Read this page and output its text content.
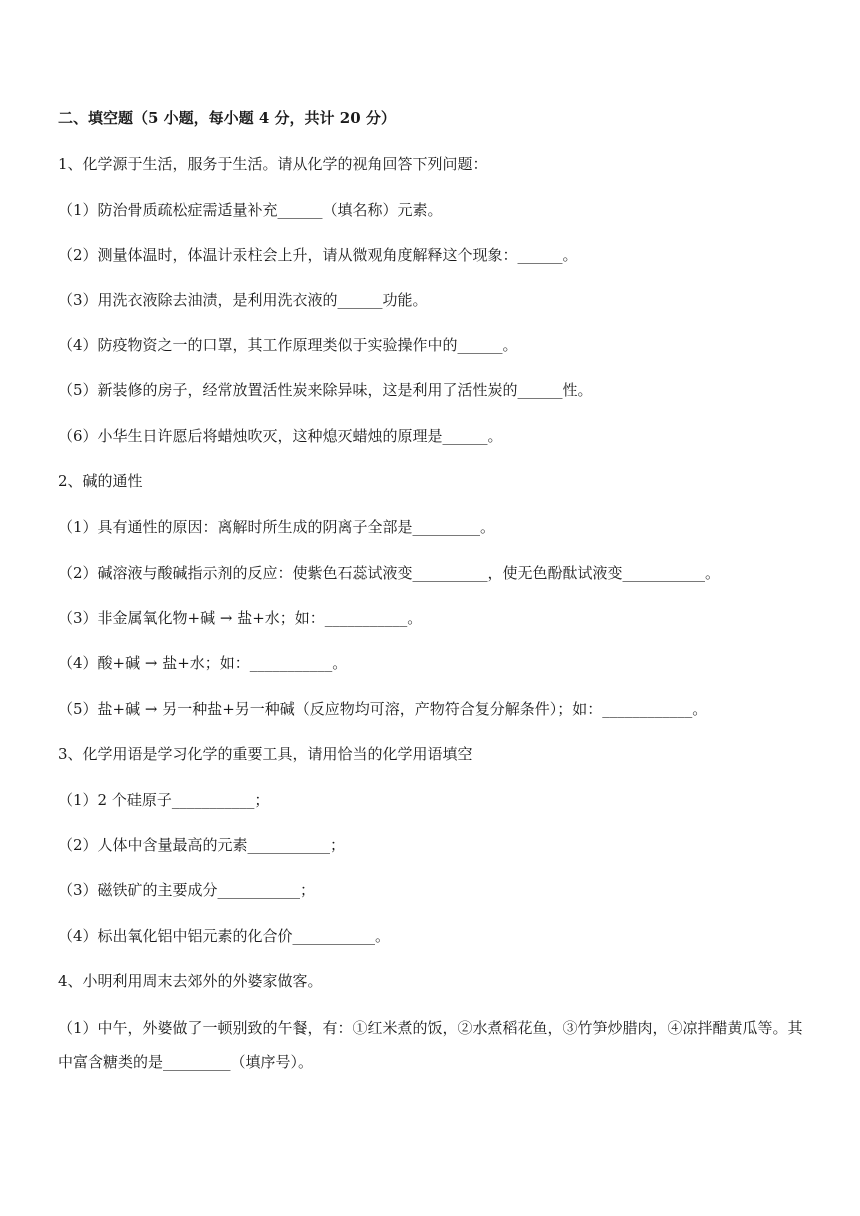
二、填空题（5 小题，每小题 4 分，共计 20 分）
1、化学源于生活，服务于生活。请从化学的视角回答下列问题：
（1）防治骨质疏松症需适量补充______（填名称）元素。
（2）测量体温时，体温计汞柱会上升，请从微观角度解释这个现象：______。
（3）用洗衣液除去油渍，是利用洗衣液的______功能。
（4）防疫物资之一的口罩，其工作原理类似于实验操作中的______。
（5）新装修的房子，经常放置活性炭来除异味，这是利用了活性炭的______性。
（6）小华生日许愿后将蜡烛吹灭，这种熄灭蜡烛的原理是______。
2、碱的通性
（1）具有通性的原因：离解时所生成的阴离子全部是_________。
（2）碱溶液与酸碱指示剂的反应：使紫色石蕊试液变__________，使无色酚酞试液变___________。
（3）非金属氧化物+碱 → 盐+水；如：___________。
（4）酸+碱 → 盐+水；如：___________。
（5）盐+碱 → 另一种盐+另一种碱（反应物均可溶，产物符合复分解条件）；如：____________。
3、化学用语是学习化学的重要工具，请用恰当的化学用语填空
（1）2 个硅原子___________；
（2）人体中含量最高的元素___________；
（3）磁铁矿的主要成分___________；
（4）标出氧化铝中铝元素的化合价___________。
4、小明利用周末去郊外的外婆家做客。
（1）中午，外婆做了一顿别致的午餐，有：①红米煮的饭，②水煮稻花鱼，③竹笋炒腊肉，④凉拌醋黄瓜等。其中富含糖类的是_________（填序号）。
